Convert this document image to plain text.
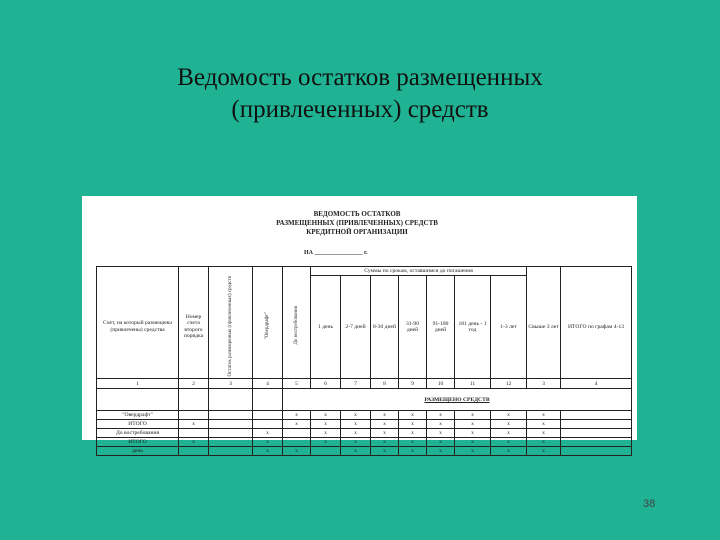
Ведомость остатков размещенных
(привлеченных) средств
ВЕДОМОСТЬ ОСТАТКОВ
РАЗМЕЩЕННЫХ (ПРИВЛЕЧЕННЫХ) СРЕДСТВ
КРЕДИТНОЙ ОРГАНИЗАЦИИ
НА ________________ г.
					Суммы по срокам, оставшимся до погашения								
Счет, на который размещены (привлечены) средства	Номер счета второго порядка	Остаток размещенных (привлеченных) средств	"Овердрафт"	До востребования	1 день	2-7 дней	8-30 дней	31-90 дней	91-180 дней	181 день - 1 год	1-3 лет	Свыше 3 лет	ИТОГО по графам 4-13
1	2	3	4	5	6	7	8	9	10	11	12	3	4
				РАЗМЕЩЕНО СРЕДСТВ									
"Овердрафт"				x	x	x	x	x	x	x	x	x	
ИТОГО	x			x	x	x	x	x	x	x	x	x	
До востребования			x		x	x	x	x	x	x	x	x	
ИТОГО	x		x		x	x	x	x	x	x	x	x	
день			x	x		x	x	x	x	x	x	x	
38
